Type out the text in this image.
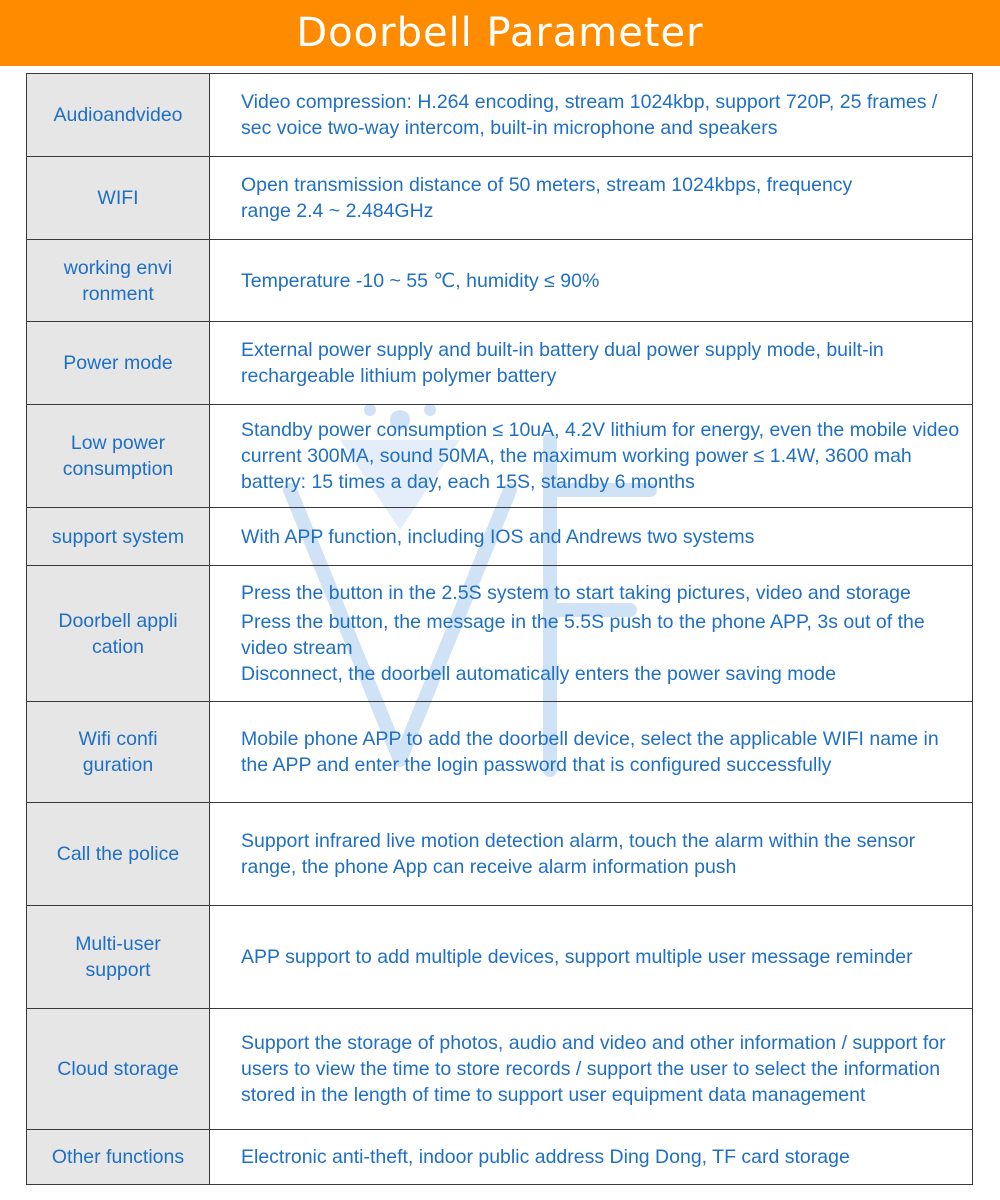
Doorbell Parameter
Audioandvideo	Video compression: H.264 encoding, stream 1024kbp, support 720P, 25 frames / sec voice two-way intercom, built-in microphone and speakers

WIFI	Open transmission distance of 50 meters, stream 1024kbps, frequency range 2.4 ~ 2.484GHz

working envi ronment	Temperature -10 ~ 55 ℃, humidity ≤ 90%

Power mode	External power supply and built-in battery dual power supply mode, built-in rechargeable lithium polymer battery

Low power consumption	Standby power consumption ≤ 10uA, 4.2V lithium for energy, even the mobile video current 300MA, sound 50MA, the maximum working power ≤ 1.4W, 3600 mah battery: 15 times a day, each 15S, standby 6 months

support system	With APP function, including IOS and Andrews two systems

Doorbell appli cation	Press the button in the 2.5S system to start taking pictures, video and storage
Press the button, the message in the 5.5S push to the phone APP, 3s out of the video stream
Disconnect, the doorbell automatically enters the power saving mode

Wifi confi guration	Mobile phone APP to add the doorbell device, select the applicable WIFI name in the APP and enter the login password that is configured successfully

Call the police	Support infrared live motion detection alarm, touch the alarm within the sensor range, the phone App can receive alarm information push

Multi-user support	APP support to add multiple devices, support multiple user message reminder

Cloud storage	Support the storage of photos, audio and video and other information / support for users to view the time to store records / support the user to select the information stored in the length of time to support user equipment data management

Other functions	Electronic anti-theft, indoor public address Ding Dong, TF card storage
